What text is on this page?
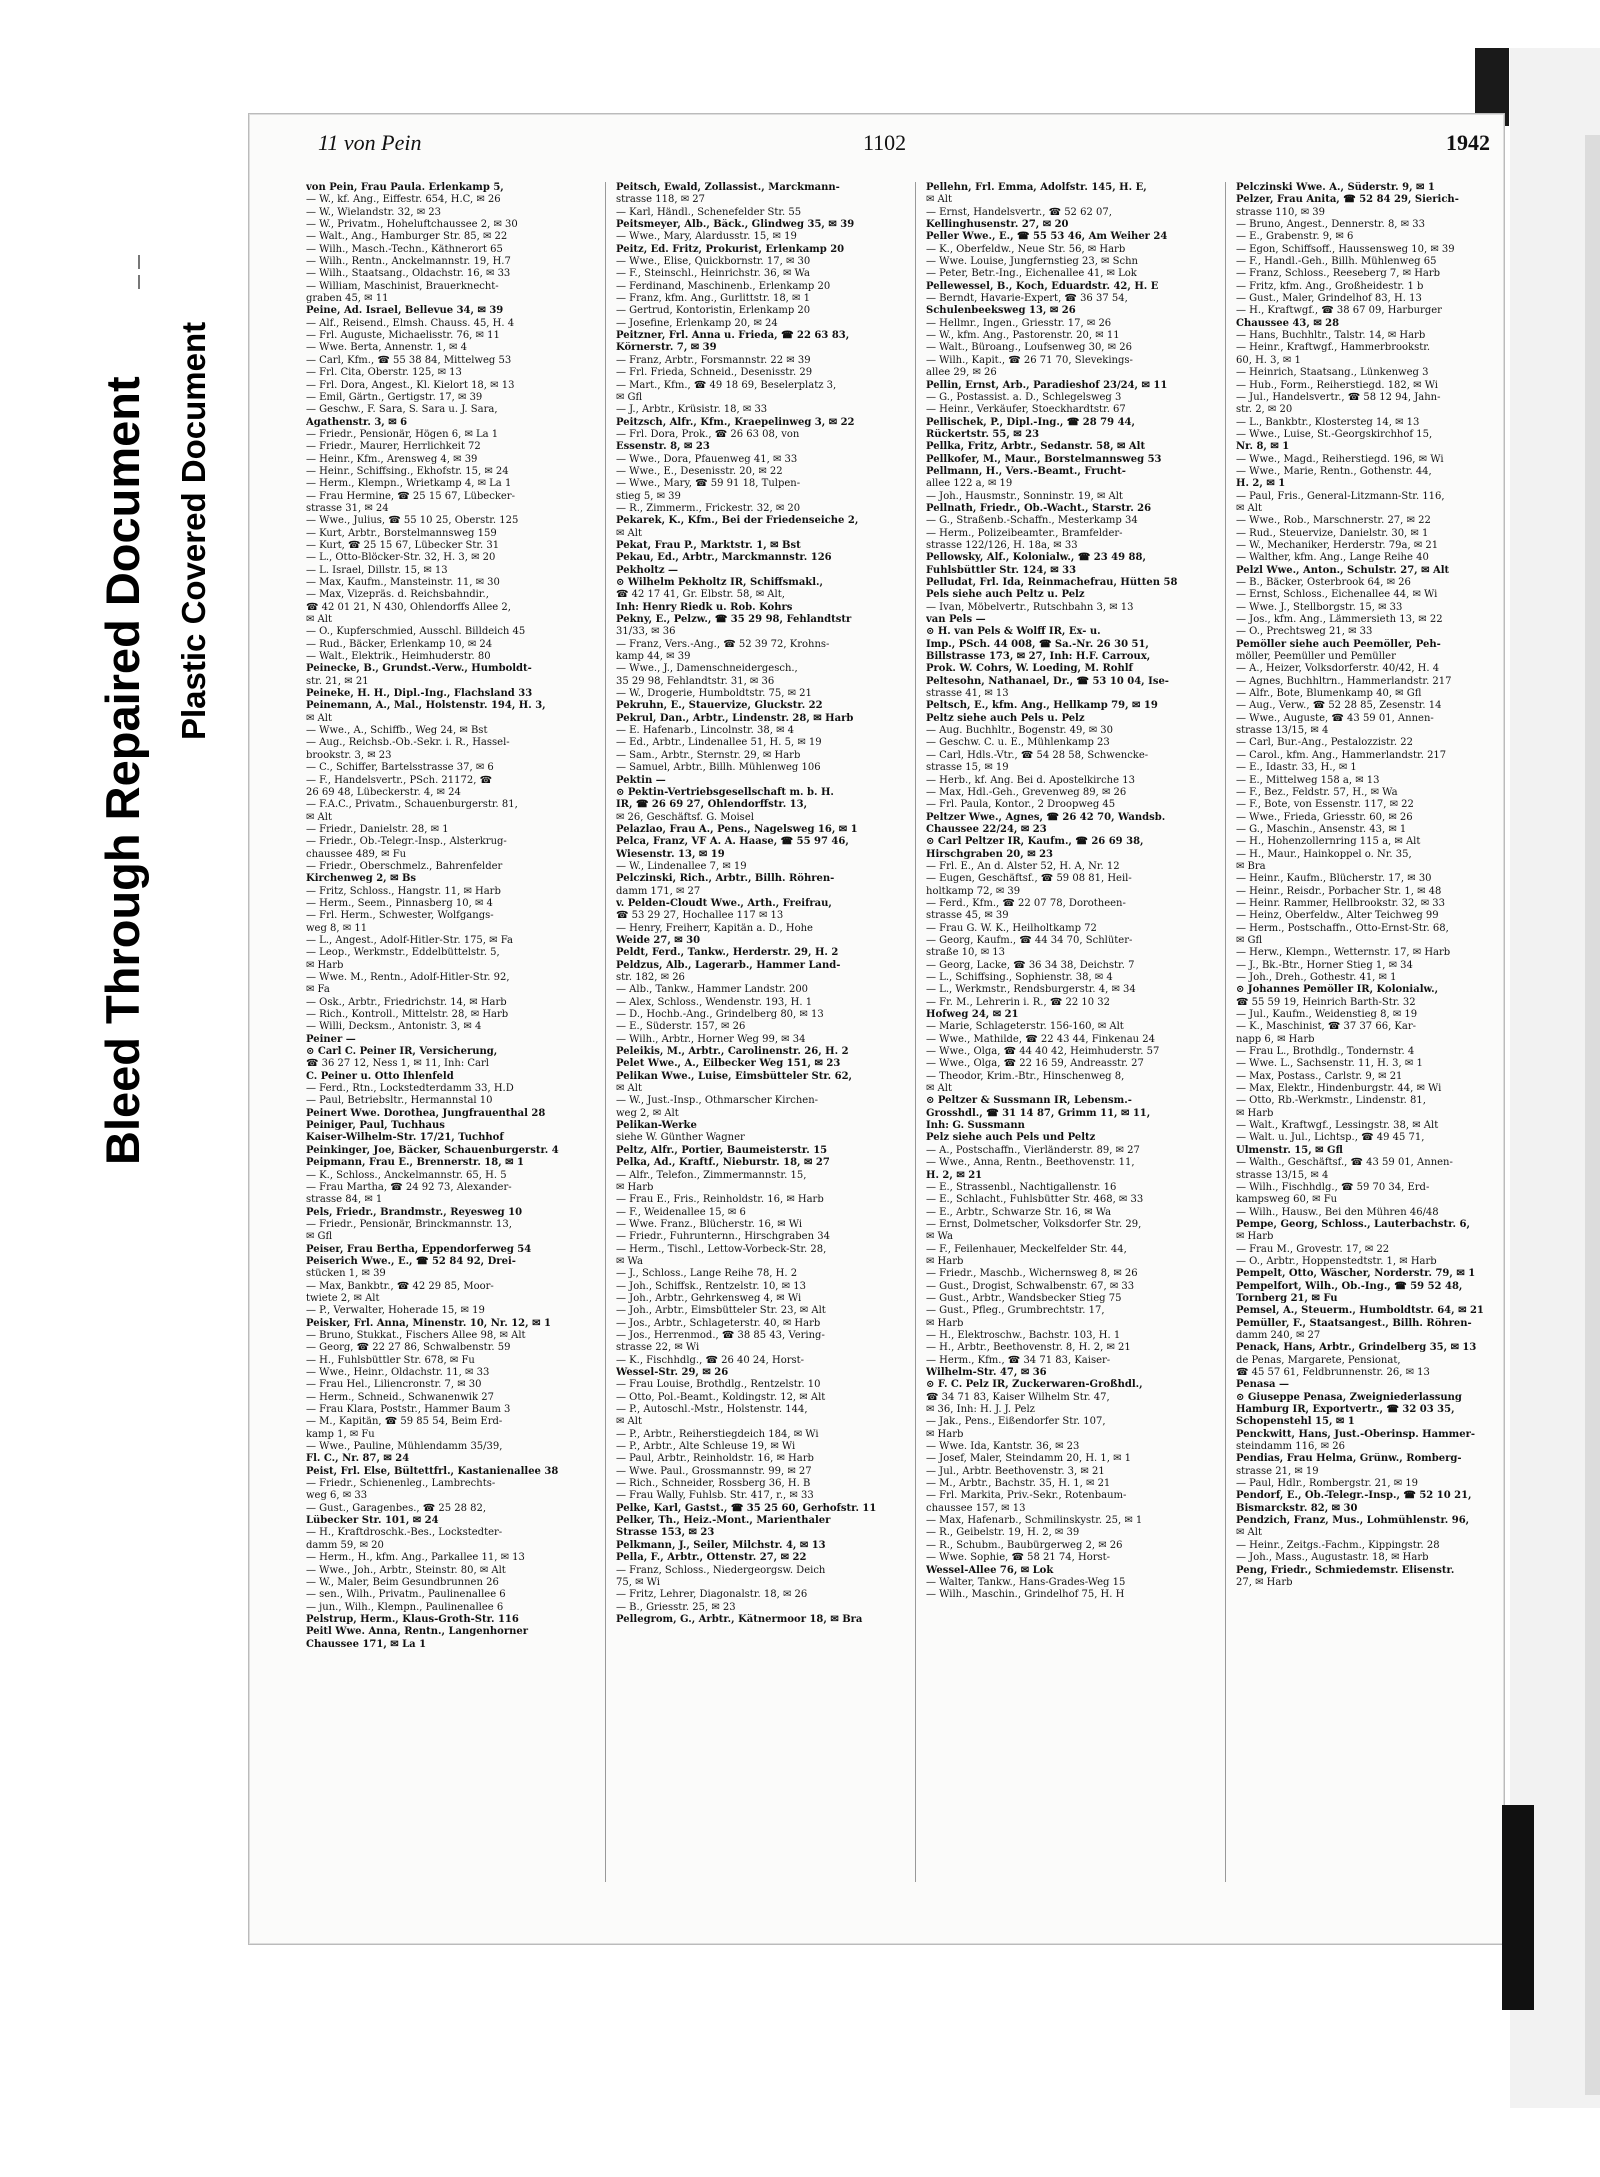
Bleed Through Repaired Document Plastic Covered Document
11 von Pein	1102	1942
von Pein, Frau Paula. Erlenkamp 5,
— W., kf. Ang., Eiffestr. 654, H.C, ✉ 26
— W., Wielandstr. 32, ✉ 23
— W., Privatm., Hoheluftchaussee 2, ✉ 30
— Walt., Ang., Hamburger Str. 85, ✉ 22
— Wilh., Masch.-Techn., Käthnerort 65
— Wilh., Rentn., Anckelmannstr. 19, H.7
— Wilh., Staatsang., Oldachstr. 16, ✉ 33
— William, Maschinist, Brauerknecht-
graben 45, ✉ 11
Peine, Ad. Israel, Bellevue 34, ✉ 39
— Alf., Reisend., Elmsh. Chauss. 45, H. 4
— Frl. Auguste, Michaelisstr. 76, ✉ 11
— Wwe. Berta, Annenstr. 1, ✉ 4
— Carl, Kfm., ☎ 55 38 84, Mittelweg 53
— Frl. Cita, Oberstr. 125, ✉ 13
— Frl. Dora, Angest., Kl. Kielort 18, ✉ 13
— Emil, Gärtn., Gertigstr. 17, ✉ 39
— Geschw., F. Sara, S. Sara u. J. Sara,
Agathenstr. 3, ✉ 6
— Friedr., Pensionär, Högen 6, ✉ La 1
— Friedr., Maurer, Herrlichkeit 72
— Heinr., Kfm., Arensweg 4, ✉ 39
— Heinr., Schiffsing., Ekhofstr. 15, ✉ 24
— Herm., Klempn., Wrietkamp 4, ✉ La 1
— Frau Hermine, ☎ 25 15 67, Lübecker-
strasse 31, ✉ 24
— Wwe., Julius, ☎ 55 10 25, Oberstr. 125
— Kurt, Arbtr., Borstelmannsweg 159
— Kurt, ☎ 25 15 67, Lübecker Str. 31
— L., Otto-Blöcker-Str. 32, H. 3, ✉ 20
— L. Israel, Dillstr. 15, ✉ 13
— Max, Kaufm., Mansteinstr. 11, ✉ 30
— Max, Vizepräs. d. Reichsbahndir.,
☎ 42 01 21, N 430, Ohlendorffs Allee 2,
✉ Alt
— O., Kupferschmied, Ausschl. Billdeich 45
— Rud., Bäcker, Erlenkamp 10, ✉ 24
— Walt., Elektrik., Heimhuderstr. 80
Peinecke, B., Grundst.-Verw., Humboldt-
str. 21, ✉ 21
Peineke, H. H., Dipl.-Ing., Flachsland 33
Peinemann, A., Mal., Holstenstr. 194, H. 3,
✉ Alt
— Wwe., A., Schiffb., Weg 24, ✉ Bst
— Aug., Reichsb.-Ob.-Sekr. i. R., Hassel-
brookstr. 3, ✉ 23
— C., Schiffer, Bartelsstrasse 37, ✉ 6
— F., Handelsvertr., PSch. 21172, ☎
26 69 48, Lübeckerstr. 4, ✉ 24
— F.A.C., Privatm., Schauenburgerstr. 81,
✉ Alt
— Friedr., Danielstr. 28, ✉ 1
— Friedr., Ob.-Telegr.-Insp., Alsterkrug-
chaussee 489, ✉ Fu
— Friedr., Oberschmelz., Bahrenfelder
Kirchenweg 2, ✉ Bs
— Fritz, Schloss., Hangstr. 11, ✉ Harb
— Herm., Seem., Pinnasberg 10, ✉ 4
— Frl. Herm., Schwester, Wolfgangs-
weg 8, ✉ 11
— L., Angest., Adolf-Hitler-Str. 175, ✉ Fa
— Leop., Werkmstr., Eddelbüttelstr. 5,
✉ Harb
— Wwe. M., Rentn., Adolf-Hitler-Str. 92,
✉ Fa
— Osk., Arbtr., Friedrichstr. 14, ✉ Harb
— Rich., Kontroll., Mittelstr. 28, ✉ Harb
— Willi, Decksm., Antonistr. 3, ✉ 4
Peiner —
⊙ Carl C. Peiner IR, Versicherung,
☎ 36 27 12, Ness 1, ✉ 11, Inh: Carl
C. Peiner u. Otto Ihlenfeld
— Ferd., Rtn., Lockstedterdamm 33, H.D
— Paul, Betriebsltr., Hermannstal 10
Peinert Wwe. Dorothea, Jungfrauenthal 28
Peiniger, Paul, Tuchhaus
Kaiser-Wilhelm-Str. 17/21, Tuchhof
Peinkinger, Joe, Bäcker, Schauenburgerstr. 4
Peipmann, Frau E., Brennerstr. 18, ✉ 1
— K., Schloss., Anckelmannstr. 65, H. 5
— Frau Martha, ☎ 24 92 73, Alexander-
strasse 84, ✉ 1
Pels, Friedr., Brandmstr., Reyesweg 10
— Friedr., Pensionär, Brinckmannstr. 13,
✉ Gfl
Peiser, Frau Bertha, Eppendorferweg 54
Peiserich Wwe., E., ☎ 52 84 92, Drei-
stücken 1, ✉ 39
— Max, Bankbtr., ☎ 42 29 85, Moor-
twiete 2, ✉ Alt
— P., Verwalter, Hoherade 15, ✉ 19
Peisker, Frl. Anna, Minenstr. 10, Nr. 12, ✉ 1
— Bruno, Stukkat., Fischers Allee 98, ✉ Alt
— Georg, ☎ 22 27 86, Schwalbenstr. 59
— H., Fuhlsbüttler Str. 678, ✉ Fu
— Wwe., Heinr., Oldachstr. 11, ✉ 33
— Frau Hel., Liliencronstr. 7, ✉ 30
— Herm., Schneid., Schwanenwik 27
— Frau Klara, Poststr., Hammer Baum 3
— M., Kapitän, ☎ 59 85 54, Beim Erd-
kamp 1, ✉ Fu
— Wwe., Pauline, Mühlendamm 35/39,
Fl. C., Nr. 87, ✉ 24
Peist, Frl. Else, Bültettfrl., Kastanienallee 38
— Friedr., Schienenleg., Lambrechts-
weg 6, ✉ 33
— Gust., Garagenbes., ☎ 25 28 82,
Lübecker Str. 101, ✉ 24
— H., Kraftdroschk.-Bes., Lockstedter-
damm 59, ✉ 20
— Herm., H., kfm. Ang., Parkallee 11, ✉ 13
— Wwe., Joh., Arbtr., Steinstr. 80, ✉ Alt
— W., Maler, Beim Gesundbrunnen 26
— sen., Wilh., Privatm., Paulinenallee 6
— jun., Wilh., Klempn., Paulinenallee 6
Pelstrup, Herm., Klaus-Groth-Str. 116
Peitl Wwe. Anna, Rentn., Langenhorner
Chaussee 171, ✉ La 1
Peitsch, Ewald, Zollassist., Marckmann-
strasse 118, ✉ 27
— Karl, Händl., Schenefelder Str. 55
Peitsmeyer, Alb., Bäck., Glindweg 35, ✉ 39
— Wwe., Mary, Alardusstr. 15, ✉ 19
Peitz, Ed. Fritz, Prokurist, Erlenkamp 20
— Wwe., Elise, Quickbornstr. 17, ✉ 30
— F., Steinschl., Heinrichstr. 36, ✉ Wa
— Ferdinand, Maschinenb., Erlenkamp 20
— Franz, kfm. Ang., Gurlittstr. 18, ✉ 1
— Gertrud, Kontoristin, Erlenkamp 20
— Josefine, Erlenkamp 20, ✉ 24
Peitzner, Frl. Anna u. Frieda, ☎ 22 63 83,
Körnerstr. 7, ✉ 39
— Franz, Arbtr., Forsmannstr. 22 ✉ 39
— Frl. Frieda, Schneid., Desenisstr. 29
— Mart., Kfm., ☎ 49 18 69, Beselerplatz 3,
✉ Gfl
— J., Arbtr., Krüsistr. 18, ✉ 33
Peitzsch, Alfr., Kfm., Kraepelinweg 3, ✉ 22
— Frl. Dora, Prok., ☎ 26 63 08, von
Essenstr. 8, ✉ 23
— Wwe., Dora, Pfauenweg 41, ✉ 33
— Wwe., E., Desenisstr. 20, ✉ 22
— Wwe., Mary, ☎ 59 91 18, Tulpen-
stieg 5, ✉ 39
— R., Zimmerm., Frickestr. 32, ✉ 20
Pekarek, K., Kfm., Bei der Friedenseiche 2,
✉ Alt
Pekat, Frau P., Marktstr. 1, ✉ Bst
Pekau, Ed., Arbtr., Marckmannstr. 126
Pekholtz —
⊙ Wilhelm Pekholtz IR, Schiffsmakl.,
☎ 42 17 41, Gr. Elbstr. 58, ✉ Alt,
Inh: Henry Riedk u. Rob. Kohrs
Pekny, E., Pelzw., ☎ 35 29 98, Fehlandtstr
31/33, ✉ 36
— Franz, Vers.-Ang., ☎ 52 39 72, Krohns-
kamp 44, ✉ 39
— Wwe., J., Damenschneidergesch.,
35 29 98, Fehlandtstr. 31, ✉ 36
— W., Drogerie, Humboldtstr. 75, ✉ 21
Pekruhn, E., Stauervize, Gluckstr. 22
Pekrul, Dan., Arbtr., Lindenstr. 28, ✉ Harb
— E. Hafenarb., Lincolnstr. 38, ✉ 4
— Ed., Arbtr., Lindenallee 51, H. 5, ✉ 19
— Sam., Arbtr., Sternstr. 29, ✉ Harb
— Samuel, Arbtr., Billh. Mühlenweg 106
Pektin —
⊙ Pektin-Vertriebsgesellschaft m. b. H.
IR, ☎ 26 69 27, Ohlendorffstr. 13,
✉ 26, Geschäftsf. G. Moisel
Pelazlao, Frau A., Pens., Nagelsweg 16, ✉ 1
Pelca, Franz, VF A. A. Haase, ☎ 55 97 46,
Wiesenstr. 13, ✉ 19
— W., Lindenallee 7, ✉ 19
Pelczinski, Rich., Arbtr., Billh. Röhren-
damm 171, ✉ 27
v. Pelden-Cloudt Wwe., Arth., Freifrau,
☎ 53 29 27, Hochallee 117 ✉ 13
— Henry, Freiherr, Kapitän a. D., Hohe
Weide 27, ✉ 30
Peldt, Ferd., Tankw., Herderstr. 29, H. 2
Peldzus, Alb., Lagerarb., Hammer Land-
str. 182, ✉ 26
— Alb., Tankw., Hammer Landstr. 200
— Alex, Schloss., Wendenstr. 193, H. 1
— D., Hochb.-Ang., Grindelberg 80, ✉ 13
— E., Süderstr. 157, ✉ 26
— Wilh., Arbtr., Horner Weg 99, ✉ 34
Peleikis, M., Arbtr., Carolinenstr. 26, H. 2
Pelet Wwe., A., Eilbecker Weg 151, ✉ 23
Pelikan Wwe., Luise, Eimsbütteler Str. 62,
✉ Alt
— W., Just.-Insp., Othmarscher Kirchen-
weg 2, ✉ Alt
Pelikan-Werke
siehe W. Günther Wagner
Peltz, Alfr., Portier, Baumeisterstr. 15
Pelka, Ad., Kraftf., Nieburstr. 18, ✉ 27
— Alfr., Telefon., Zimmermannstr. 15,
✉ Harb
— Frau E., Fris., Reinholdstr. 16, ✉ Harb
— F., Weidenallee 15, ✉ 6
— Wwe. Franz., Blücherstr. 16, ✉ Wi
— Friedr., Fuhrunternn., Hirschgraben 34
— Herm., Tischl., Lettow-Vorbeck-Str. 28,
✉ Wa
— J., Schloss., Lange Reihe 78, H. 2
— Joh., Schiffsk., Rentzelstr. 10, ✉ 13
— Joh., Arbtr., Gehrkensweg 4, ✉ Wi
— Joh., Arbtr., Eimsbütteler Str. 23, ✉ Alt
— Jos., Arbtr., Schlageterstr. 40, ✉ Harb
— Jos., Herrenmod., ☎ 38 85 43, Vering-
strasse 22, ✉ Wi
— K., Fischhdlg., ☎ 26 40 24, Horst-
Wessel-Str. 29, ✉ 26
— Frau Louise, Brothdlg., Rentzelstr. 10
— Otto, Pol.-Beamt., Koldingstr. 12, ✉ Alt
— P., Autoschl.-Mstr., Holstenstr. 144,
✉ Alt
— P., Arbtr., Reiherstiegdeich 184, ✉ Wi
— P., Arbtr., Alte Schleuse 19, ✉ Wi
— Paul, Arbtr., Reinholdstr. 16, ✉ Harb
— Wwe. Paul., Grossmannstr. 99, ✉ 27
— Rich., Schneider, Rossberg 36, H. B
— Frau Wally, Fuhlsb. Str. 417, r., ✉ 33
Pelke, Karl, Gastst., ☎ 35 25 60, Gerhofstr. 11
Pelker, Th., Heiz.-Mont., Marienthaler
Strasse 153, ✉ 23
Pelkmann, J., Seiler, Milchstr. 4, ✉ 13
Pella, F., Arbtr., Ottenstr. 27, ✉ 22
— Franz, Schloss., Niedergeorgsw. Deich
75, ✉ Wi
— Fritz, Lehrer, Diagonalstr. 18, ✉ 26
— B., Griesstr. 25, ✉ 23
Pellegrom, G., Arbtr., Kätnermoor 18, ✉ Bra
Pellehn, Frl. Emma, Adolfstr. 145, H. E,
✉ Alt
— Ernst, Handelsvertr., ☎ 52 62 07,
Kellinghusenstr. 27, ✉ 20
Peller Wwe., E., ☎ 55 53 46, Am Weiher 24
— K., Oberfeldw., Neue Str. 56, ✉ Harb
— Wwe. Louise, Jungfernstieg 23, ✉ Schn
— Peter, Betr.-Ing., Eichenallee 41, ✉ Lok
Pellewessel, B., Koch, Eduardstr. 42, H. E
— Berndt, Havarie-Expert, ☎ 36 37 54,
Schulenbeeksweg 13, ✉ 26
— Hellmr., Ingen., Griesstr. 17, ✉ 26
— W., kfm. Ang., Pastorenstr. 20, ✉ 11
— Walt., Büroang., Loufsenweg 30, ✉ 26
— Wilh., Kapit., ☎ 26 71 70, Slevekings-
allee 29, ✉ 26
Pellin, Ernst, Arb., Paradieshof 23/24, ✉ 11
— G., Postassist. a. D., Schlegelsweg 3
— Heinr., Verkäufer, Stoeckhardtstr. 67
Pellischek, P., Dipl.-Ing., ☎ 28 79 44,
Rückertstr. 55, ✉ 23
Pellka, Fritz, Arbtr., Sedanstr. 58, ✉ Alt
Pellkofer, M., Maur., Borstelmannsweg 53
Pellmann, H., Vers.-Beamt., Frucht-
allee 122 a, ✉ 19
— Joh., Hausmstr., Sonninstr. 19, ✉ Alt
Pellnath, Friedr., Ob.-Wacht., Starstr. 26
— G., Straßenb.-Schaffn., Mesterkamp 34
— Herm., Polizeibeamter., Bramfelder-
strasse 122/126, H. 18a, ✉ 33
Pellowsky, Alf., Kolonialw., ☎ 23 49 88,
Fuhlsbüttler Str. 124, ✉ 33
Pelludat, Frl. Ida, Reinmachefrau, Hütten 58
Pels siehe auch Peltz u. Pelz
— Ivan, Möbelvertr., Rutschbahn 3, ✉ 13
van Pels —
⊙ H. van Pels & Wolff IR, Ex- u.
Imp., PSch. 44 008, ☎ Sa.-Nr. 26 30 51,
Billstrasse 173, ✉ 27, Inh: H.F. Carroux,
Prok. W. Cohrs, W. Loeding, M. Rohlf
Peltesohn, Nathanael, Dr., ☎ 53 10 04, Ise-
strasse 41, ✉ 13
Peltsch, E., kfm. Ang., Hellkamp 79, ✉ 19
Peltz siehe auch Pels u. Pelz
— Aug. Buchhltr., Bogenstr. 49, ✉ 30
— Geschw. C. u. E., Mühlenkamp 23
— Carl, Hdls.-Vtr., ☎ 54 28 58, Schwencke-
strasse 15, ✉ 19
— Herb., kf. Ang. Bei d. Apostelkirche 13
— Max, Hdl.-Geh., Grevenweg 89, ✉ 26
— Frl. Paula, Kontor., 2 Droopweg 45
Peltzer Wwe., Agnes, ☎ 26 42 70, Wandsb.
Chaussee 22/24, ✉ 23
⊙ Carl Peltzer IR, Kaufm., ☎ 26 69 38,
Hirschgraben 20, ✉ 23
— Frl. E., An d. Alster 52, H. A, Nr. 12
— Eugen, Geschäftsf., ☎ 59 08 81, Heil-
holtkamp 72, ✉ 39
— Ferd., Kfm., ☎ 22 07 78, Dorotheen-
strasse 45, ✉ 39
— Frau G. W. K., Heilholtkamp 72
— Georg, Kaufm., ☎ 44 34 70, Schlüter-
straße 10, ✉ 13
— Georg, Lacke, ☎ 36 34 38, Deichstr. 7
— L., Schiffsing., Sophienstr. 38, ✉ 4
— L., Werkmstr., Rendsburgerstr. 4, ✉ 34
— Fr. M., Lehrerin i. R., ☎ 22 10 32
Hofweg 24, ✉ 21
— Marie, Schlageterstr. 156-160, ✉ Alt
— Wwe., Mathilde, ☎ 22 43 44, Finkenau 24
— Wwe., Olga, ☎ 44 40 42, Heimhuderstr. 57
— Wwe., Olga, ☎ 22 16 59, Andreasstr. 27
— Theodor, Krim.-Btr., Hinschenweg 8,
✉ Alt
⊙ Peltzer & Sussmann IR, Lebensm.-
Grosshdl., ☎ 31 14 87, Grimm 11, ✉ 11,
Inh: G. Sussmann
Pelz siehe auch Pels und Peltz
— A., Postschaffn., Vierländerstr. 89, ✉ 27
— Wwe., Anna, Rentn., Beethovenstr. 11,
H. 2, ✉ 21
— E., Strassenbl., Nachtigallenstr. 16
— E., Schlacht., Fuhlsbütter Str. 468, ✉ 33
— E., Arbtr., Schwarze Str. 16, ✉ Wa
— Ernst, Dolmetscher, Volksdorfer Str. 29,
✉ Wa
— F., Feilenhauer, Meckelfelder Str. 44,
✉ Harb
— Friedr., Maschb., Wichernsweg 8, ✉ 26
— Gust., Drogist, Schwalbenstr. 67, ✉ 33
— Gust., Arbtr., Wandsbecker Stieg 75
— Gust., Pfleg., Grumbrechtstr. 17,
✉ Harb
— H., Elektroschw., Bachstr. 103, H. 1
— H., Arbtr., Beethovenstr. 8, H. 2, ✉ 21
— Herm., Kfm., ☎ 34 71 83, Kaiser-
Wilhelm-Str. 47, ✉ 36
⊙ F. C. Pelz IR, Zuckerwaren-Großhdl.,
☎ 34 71 83, Kaiser Wilhelm Str. 47,
✉ 36, Inh: H. J. J. Pelz
— Jak., Pens., Eißendorfer Str. 107,
✉ Harb
— Wwe. Ida, Kantstr. 36, ✉ 23
— Josef, Maler, Steindamm 20, H. 1, ✉ 1
— Jul., Arbtr. Beethovenstr. 3, ✉ 21
— M., Arbtr., Bachstr. 35, H. 1, ✉ 21
— Frl. Markita, Priv.-Sekr., Rotenbaum-
chaussee 157, ✉ 13
— Max, Hafenarb., Schmilinskystr. 25, ✉ 1
— R., Geibelstr. 19, H. 2, ✉ 39
— R., Schubm., Baubürgerweg 2, ✉ 26
— Wwe. Sophie, ☎ 58 21 74, Horst-
Wessel-Allee 76, ✉ Lok
— Walter, Tankw., Hans-Grades-Weg 15
— Wilh., Maschin., Grindelhof 75, H. H
Pelczinski Wwe. A., Süderstr. 9, ✉ 1
Pelzer, Frau Anita, ☎ 52 84 29, Sierich-
strasse 110, ✉ 39
— Bruno, Angest., Dennerstr. 8, ✉ 33
— E., Grabenstr. 9, ✉ 6
— Egon, Schiffsoff., Haussensweg 10, ✉ 39
— F., Handl.-Geh., Billh. Mühlenweg 65
— Franz, Schloss., Reeseberg 7, ✉ Harb
— Fritz, kfm. Ang., Großheidestr. 1 b
— Gust., Maler, Grindelhof 83, H. 13
— H., Kraftwgf., ☎ 38 67 09, Harburger
Chaussee 43, ✉ 28
— Hans, Buchhltr., Talstr. 14, ✉ Harb
— Heinr., Kraftwgf., Hammerbrookstr.
60, H. 3, ✉ 1
— Heinrich, Staatsang., Lünkenweg 3
— Hub., Form., Reiherstiegd. 182, ✉ Wi
— Jul., Handelsvertr., ☎ 58 12 94, Jahn-
str. 2, ✉ 20
— L., Bankbtr., Klostersteg 14, ✉ 13
— Wwe., Luise, St.-Georgskirchhof 15,
Nr. 8, ✉ 1
— Wwe., Magd., Reiherstiegd. 196, ✉ Wi
— Wwe., Marie, Rentn., Gothenstr. 44,
H. 2, ✉ 1
— Paul, Fris., General-Litzmann-Str. 116,
✉ Alt
— Wwe., Rob., Marschnerstr. 27, ✉ 22
— Rud., Steuervize, Danielstr. 30, ✉ 1
— W., Mechaniker, Herderstr. 79a, ✉ 21
— Walther, kfm. Ang., Lange Reihe 40
Pelzl Wwe., Anton., Schulstr. 27, ✉ Alt
— B., Bäcker, Osterbrook 64, ✉ 26
— Ernst, Schloss., Eichenallee 44, ✉ Wi
— Wwe. J., Stellborgstr. 15, ✉ 33
— Jos., kfm. Ang., Lämmersieth 13, ✉ 22
— O., Prechtsweg 21, ✉ 33
Pemöller siehe auch Peemöller, Peh-
möller, Peemüller und Pemüller
— A., Heizer, Volksdorferstr. 40/42, H. 4
— Agnes, Buchhltrn., Hammerlandstr. 217
— Alfr., Bote, Blumenkamp 40, ✉ Gfl
— Aug., Verw., ☎ 52 28 85, Zesenstr. 14
— Wwe., Auguste, ☎ 43 59 01, Annen-
strasse 13/15, ✉ 4
— Carl, Bur.-Ang., Pestalozzistr. 22
— Carol., kfm. Ang., Hammerlandstr. 217
— E., Idastr. 33, H., ✉ 1
— E., Mittelweg 158 a, ✉ 13
— F., Bez., Feldstr. 57, H., ✉ Wa
— F., Bote, von Essenstr. 117, ✉ 22
— Wwe., Frieda, Griesstr. 60, ✉ 26
— G., Maschin., Ansenstr. 43, ✉ 1
— H., Hohenzollernring 115 a, ✉ Alt
— H., Maur., Hainkoppel o. Nr. 35,
✉ Bra
— Heinr., Kaufm., Blücherstr. 17, ✉ 30
— Heinr., Reisdr., Porbacher Str. 1, ✉ 48
— Heinr. Rammer, Hellbrookstr. 32, ✉ 33
— Heinz, Oberfeldw., Alter Teichweg 99
— Herm., Postschaffn., Otto-Ernst-Str. 68,
✉ Gfl
— Herw., Klempn., Wetternstr. 17, ✉ Harb
— J., Bk.-Btr., Horner Stieg 1, ✉ 34
— Joh., Dreh., Gothestr. 41, ✉ 1
⊙ Johannes Pemöller IR, Kolonialw.,
☎ 55 59 19, Heinrich Barth-Str. 32
— Jul., Kaufm., Weidenstieg 8, ✉ 19
— K., Maschinist, ☎ 37 37 66, Kar-
napp 6, ✉ Harb
— Frau L., Brothdlg., Tondernstr. 4
— Wwe. L., Sachsenstr. 11, H. 3, ✉ 1
— Max, Postass., Carlstr. 9, ✉ 21
— Max, Elektr., Hindenburgstr. 44, ✉ Wi
— Otto, Rb.-Werkmstr., Lindenstr. 81,
✉ Harb
— Walt., Kraftwgf., Lessingstr. 38, ✉ Alt
— Walt. u. Jul., Lichtsp., ☎ 49 45 71,
Ulmenstr. 15, ✉ Gfl
— Walth., Geschäftsf., ☎ 43 59 01, Annen-
strasse 13/15, ✉ 4
— Wilh., Fischhdlg., ☎ 59 70 34, Erd-
kampsweg 60, ✉ Fu
— Wilh., Hausw., Bei den Mühren 46/48
Pempe, Georg, Schloss., Lauterbachstr. 6,
✉ Harb
— Frau M., Grovestr. 17, ✉ 22
— O., Arbtr., Hoppenstedtstr. 1, ✉ Harb
Pempelt, Otto, Wäscher, Norderstr. 79, ✉ 1
Pempelfort, Wilh., Ob.-Ing., ☎ 59 52 48,
Tornberg 21, ✉ Fu
Pemsel, A., Steuerm., Humboldtstr. 64, ✉ 21
Pemüller, F., Staatsangest., Billh. Röhren-
damm 240, ✉ 27
Penack, Hans, Arbtr., Grindelberg 35, ✉ 13
de Penas, Margarete, Pensionat,
☎ 45 57 61, Feldbrunnenstr. 26, ✉ 13
Penasa —
⊙ Giuseppe Penasa, Zweigniederlassung
Hamburg IR, Exportvertr., ☎ 32 03 35,
Schopenstehl 15, ✉ 1
Penckwitt, Hans, Just.-Oberinsp. Hammer-
steindamm 116, ✉ 26
Pendias, Frau Helma, Grünw., Romberg-
strasse 21, ✉ 19
— Paul, Hdlr., Rombergstr. 21, ✉ 19
Pendorf, E., Ob.-Telegr.-Insp., ☎ 52 10 21,
Bismarckstr. 82, ✉ 30
Pendzich, Franz, Mus., Lohmühlenstr. 96,
✉ Alt
— Heinr., Zeitgs.-Fachm., Kippingstr. 28
— Joh., Mass., Augustastr. 18, ✉ Harb
Peng, Friedr., Schmiedemstr. Elisenstr.
27, ✉ Harb
